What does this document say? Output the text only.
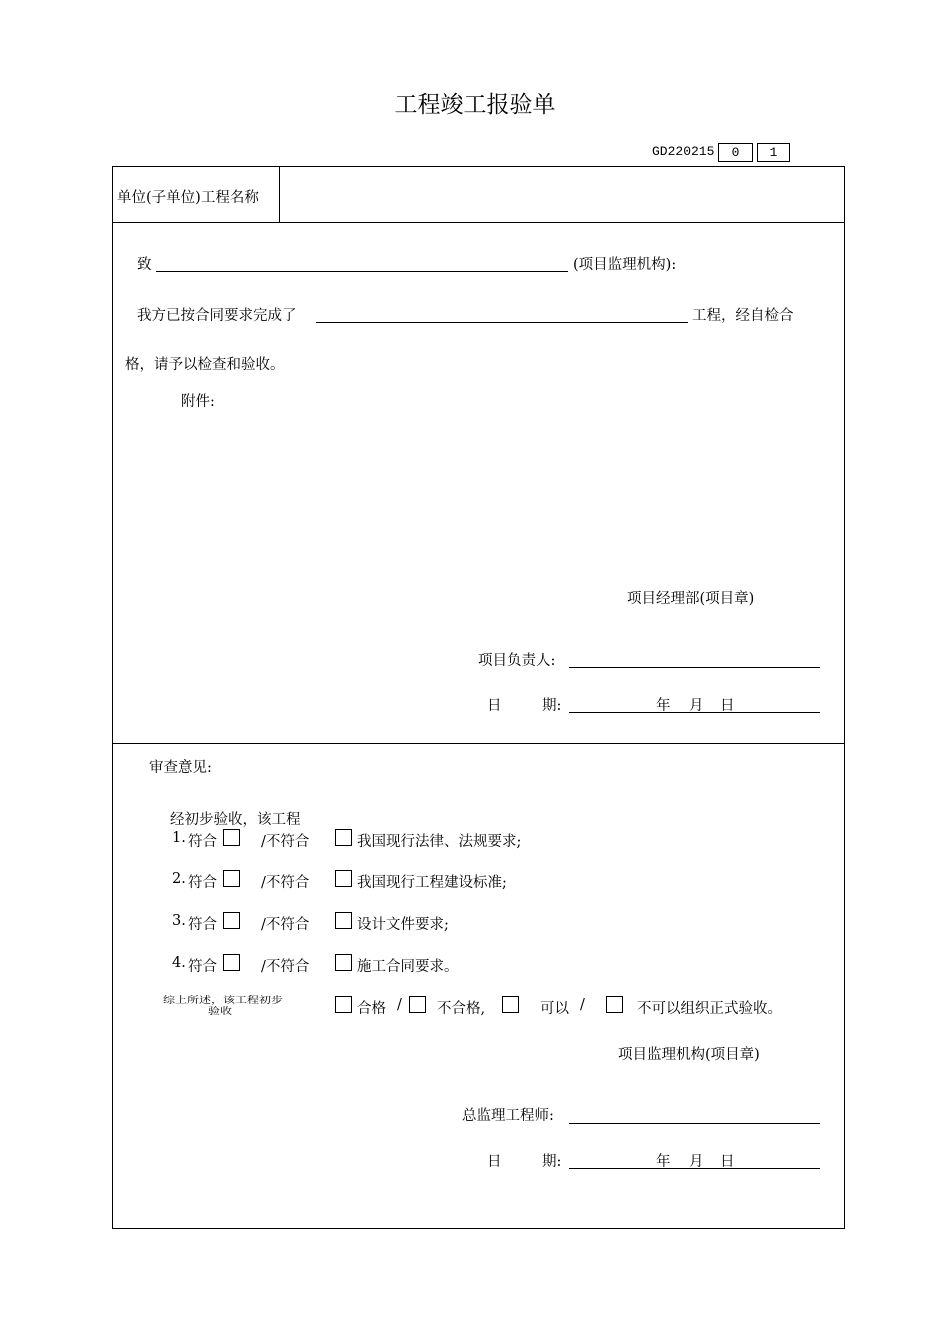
工程竣工报验单
GD220215	0	1
单位(子单位)工程名称
致	(项目监理机构):
我方已按合同要求完成了	工程，经自检合
格，请予以检查和验收。
附件:
项目经理部(项目章)
项目负责人:
日	期:	年 月 日
审查意见:
经初步验收，该工程
1. 符合	/不符合	我国现行法律、法规要求;
2. 符合	/不符合	我国现行工程建设标准;
3. 符合	/不符合	设计文件要求;
4. 符合	/不符合	施工合同要求。
综上所述，该工程初步
验收	合格 / 不合格,	可以 /	不可以组织正式验收。
项目监理机构(项目章)
总监理工程师:
日	期:	年 月 日
